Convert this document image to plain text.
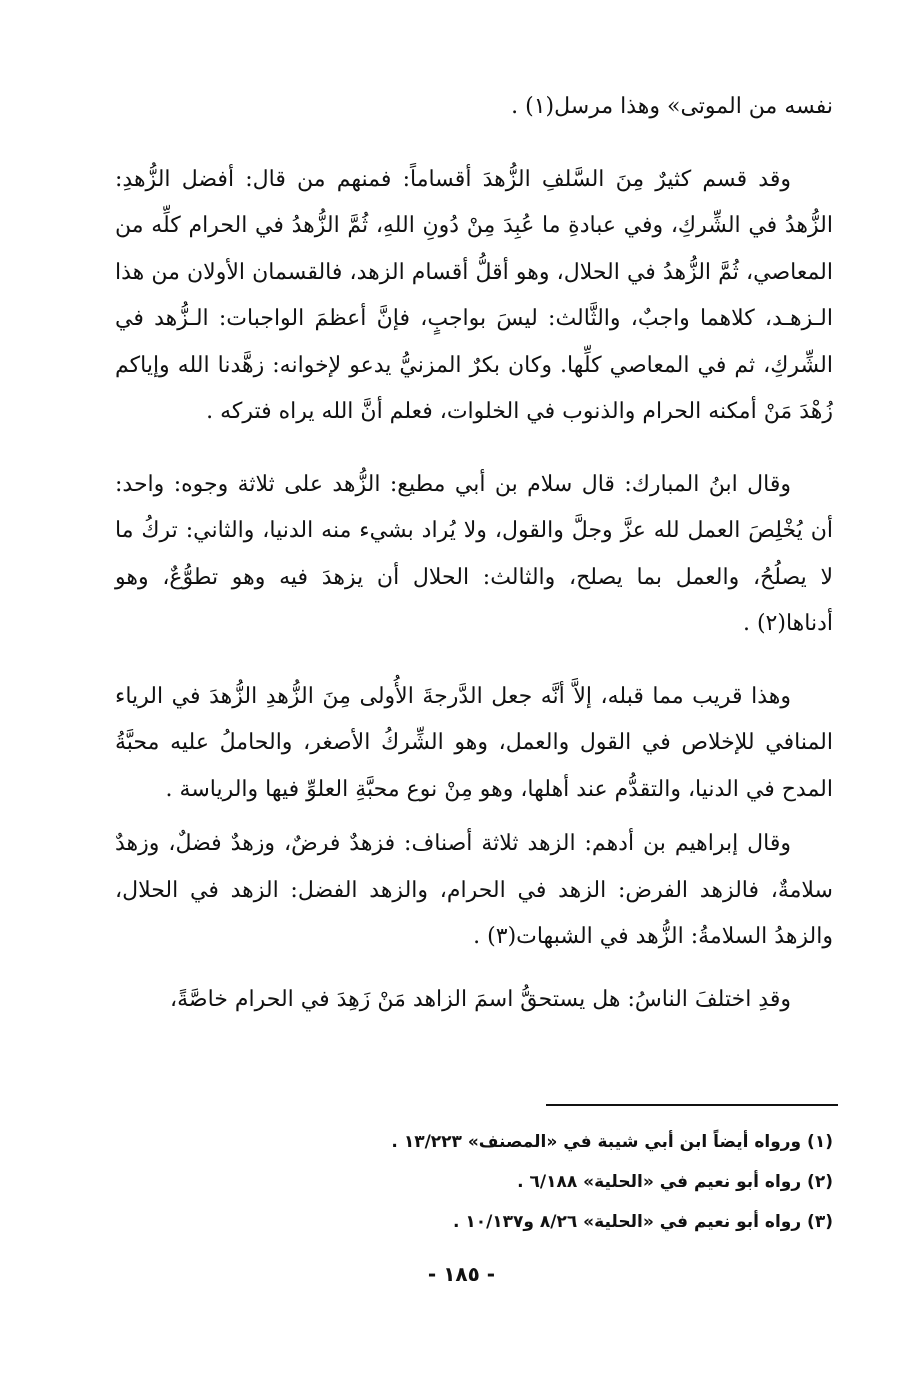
نفسه من الموتى» وهذا مرسل(١) .

وقد قسم كثيرٌ مِنَ السَّلفِ الزُّهدَ أقساماً: فمنهم من قال: أفضل الزُّهدِ: الزُّهدُ في الشِّركِ، وفي عبادةِ ما عُبِدَ مِنْ دُونِ اللهِ، ثُمَّ الزُّهدُ في الحرام كلِّه من المعاصي، ثُمَّ الزُّهدُ في الحلال، وهو أقلُّ أقسام الزهد، فالقسمان الأولان من هذا الـزهـد، كلاهما واجبٌ، والثَّالث: ليسَ بواجبٍ، فإنَّ أعظمَ الواجبات: الـزُّهد في الشِّركِ، ثم في المعاصي كلِّها. وكان بكرٌ المزنيُّ يدعو لإخوانه: زهَّدنا الله وإياكم زُهْدَ مَنْ أمكنه الحرام والذنوب في الخلوات، فعلم أنَّ الله يراه فتركه .

وقال ابنُ المبارك: قال سلام بن أبي مطيع: الزُّهد على ثلاثة وجوه: واحد: أن يُخْلِصَ العمل لله عزَّ وجلَّ والقول، ولا يُراد بشيء منه الدنيا، والثاني: تركُ ما لا يصلُحُ، والعمل بما يصلح، والثالث: الحلال أن يزهدَ فيه وهو تطوُّعٌ، وهو أدناها(٢) .

وهذا قريب مما قبله، إلاَّ أنَّه جعل الدَّرجةَ الأُولى مِنَ الزُّهدِ الزُّهدَ في الرياء المنافي للإخلاص في القول والعمل، وهو الشِّركُ الأصغر، والحاملُ عليه محبَّةُ المدح في الدنيا، والتقدُّم عند أهلها، وهو مِنْ نوع محبَّةِ العلوِّ فيها والرياسة .

وقال إبراهيم بن أدهم: الزهد ثلاثة أصناف: فزهدٌ فرضٌ، وزهدٌ فضلٌ، وزهدٌ سلامةٌ، فالزهد الفرض: الزهد في الحرام، والزهد الفضل: الزهد في الحلال، والزهدُ السلامةُ: الزُّهد في الشبهات(٣) .

وقدِ اختلفَ الناسُ: هل يستحقُّ اسمَ الزاهد مَنْ زَهِدَ في الحرام خاصَّةً،

(١) ورواه أيضاً ابن أبي شيبة في «المصنف» ١٣/٢٢٣ .
(٢) رواه أبو نعيم في «الحلية» ٦/١٨٨ .
(٣) رواه أبو نعيم في «الحلية» ٨/٢٦ و١٠/١٣٧ .
- ١٨٥ -
